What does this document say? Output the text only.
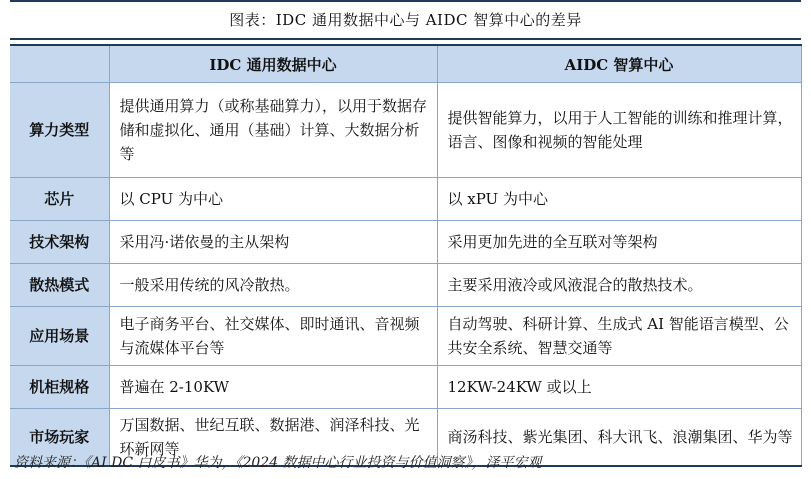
图表：IDC 通用数据中心与 AIDC 智算中心的差异
	IDC 通用数据中心	AIDC 智算中心
算力类型	提供通用算力（或称基础算力），以用于数据存储和虚拟化、通用（基础）计算、大数据分析等	提供智能算力，以用于人工智能的训练和推理计算，语言、图像和视频的智能处理
芯片	以 CPU 为中心	以 xPU 为中心
技术架构	采用冯·诺依曼的主从架构	采用更加先进的全互联对等架构
散热模式	一般采用传统的风冷散热。	主要采用液冷或风液混合的散热技术。
应用场景	电子商务平台、社交媒体、即时通讯、音视频与流媒体平台等	自动驾驶、科研计算、生成式 AI 智能语言模型、公共安全系统、智慧交通等
机柜规格	普遍在 2-10KW	12KW-24KW 或以上
市场玩家	万国数据、世纪互联、数据港、润泽科技、光环新网等	商汤科技、紫光集团、科大讯飞、浪潮集团、华为等
资料来源：《AI DC 白皮书》华为，《2024 数据中心行业投资与价值洞察》，泽平宏观
